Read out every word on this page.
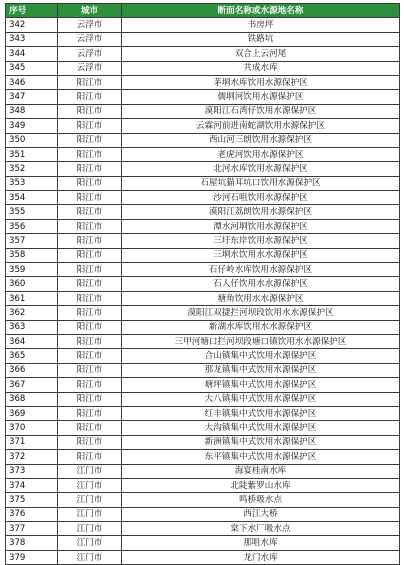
序号	城市	断面名称或水源地名称
342	云浮市	书房坪
343	云浮市	铁路坑
344	云浮市	双合上云河尾
345	云浮市	共成水库
346	阳江市	茅垌水库饮用水源保护区
347	阳江市	儒垌河饮用水源保护区
348	阳江市	漠阳江石湾仔饮用水源保护区
349	阳江市	云霖河前进南蛇湖饮用水源保护区
350	阳江市	西山河三朗饮用水源保护区
351	阳江市	老虎河饮用水源保护区
352	阳江市	北河水库饮用水源保护区
353	阳江市	石屋坑猫耳坑口饮用水源保护区
354	阳江市	沙河石咀饮用水源保护区
355	阳江市	漠阳江荔朗饮用水源保护区
356	阳江市	潭水河垌饮用水源保护区
357	阳江市	三圩东岸饮用水源保护区
358	阳江市	三垌水饮用水水源保护区
359	阳江市	石仔岭水库饮用水源保护区
360	阳江市	石人仔饮用水水源保护区
361	阳江市	塘角饮用水水源保护区
362	阳江市	漠阳江双捷拦河坝段饮用水水源保护区
363	阳江市	新湖水库饮用水水源保护区
364	阳江市	三甲河塘口拦河坝段塘口镇饮用水水源保护区
365	阳江市	合山镇集中式饮用水源保护区
366	阳江市	那龙镇集中式饮用水源保护区
367	阳江市	塘坪镇集中式饮用水源保护区
368	阳江市	大八镇集中式饮用水源保护区
369	阳江市	红丰镇集中式饮用水源保护区
370	阳江市	大沟镇集中式饮用水源保护区
371	阳江市	新洲镇集中式饮用水源保护区
372	阳江市	东平镇集中式饮用水源保护区
373	江门市	海宴桂南水库
374	江门市	北陡紫罗山水库
375	江门市	鸣桥吸水点
376	江门市	西江大桥
377	江门市	棠下水厂吸水点
378	江门市	那咀水库
379	江门市	龙门水库
